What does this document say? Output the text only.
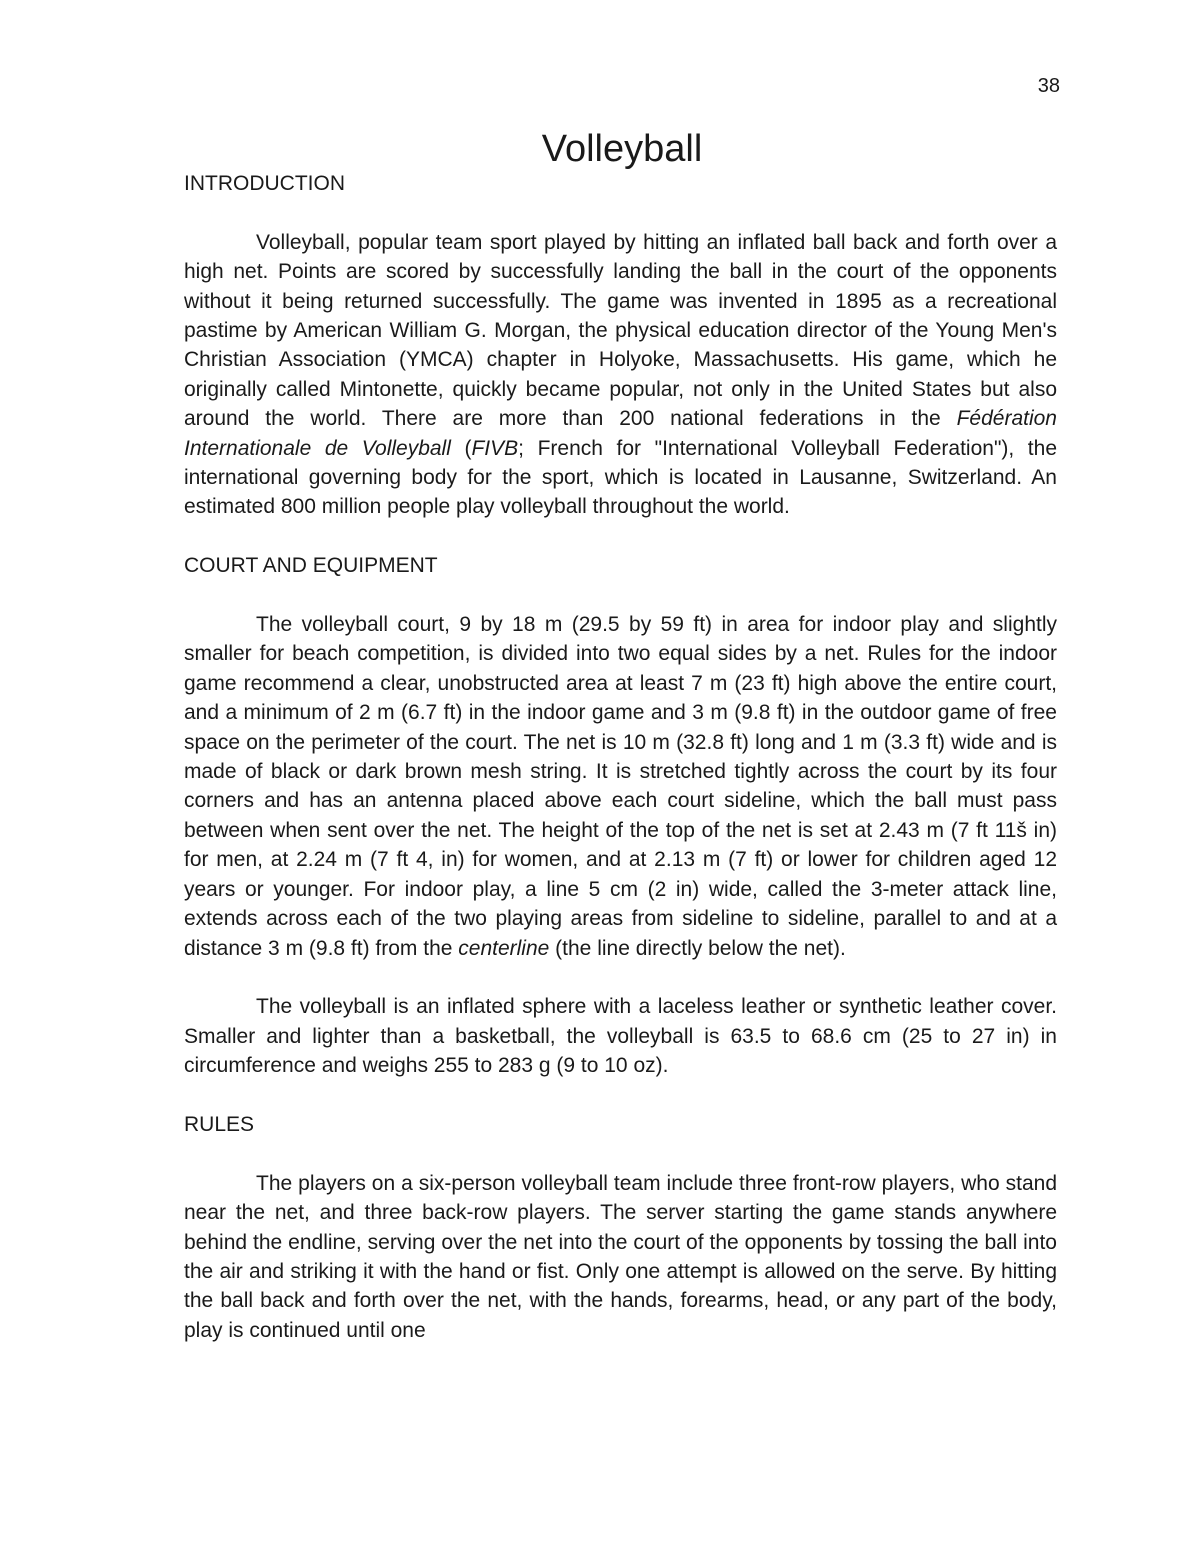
38
Volleyball
INTRODUCTION

Volleyball, popular team sport played by hitting an inflated ball back and forth over a high net. Points are scored by successfully landing the ball in the court of the opponents without it being returned successfully. The game was invented in 1895 as a recreational pastime by American William G. Morgan, the physical education director of the Young Men's Christian Association (YMCA) chapter in Holyoke, Massachusetts. His game, which he originally called Mintonette, quickly became popular, not only in the United States but also around the world. There are more than 200 national federations in the Fédération Internationale de Volleyball (FIVB; French for "International Volleyball Federation"), the international governing body for the sport, which is located in Lausanne, Switzerland. An estimated 800 million people play volleyball throughout the world.

COURT AND EQUIPMENT

The volleyball court, 9 by 18 m (29.5 by 59 ft) in area for indoor play and slightly smaller for beach competition, is divided into two equal sides by a net. Rules for the indoor game recommend a clear, unobstructed area at least 7 m (23 ft) high above the entire court, and a minimum of 2 m (6.7 ft) in the indoor game and 3 m (9.8 ft) in the outdoor game of free space on the perimeter of the court. The net is 10 m (32.8 ft) long and 1 m (3.3 ft) wide and is made of black or dark brown mesh string. It is stretched tightly across the court by its four corners and has an antenna placed above each court sideline, which the ball must pass between when sent over the net. The height of the top of the net is set at 2.43 m (7 ft 11š in) for men, at 2.24 m (7 ft 4, in) for women, and at 2.13 m (7 ft) or lower for children aged 12 years or younger. For indoor play, a line 5 cm (2 in) wide, called the 3-meter attack line, extends across each of the two playing areas from sideline to sideline, parallel to and at a distance 3 m (9.8 ft) from the centerline (the line directly below the net).

The volleyball is an inflated sphere with a laceless leather or synthetic leather cover. Smaller and lighter than a basketball, the volleyball is 63.5 to 68.6 cm (25 to 27 in) in circumference and weighs 255 to 283 g (9 to 10 oz).

RULES

The players on a six-person volleyball team include three front-row players, who stand near the net, and three back-row players. The server starting the game stands anywhere behind the endline, serving over the net into the court of the opponents by tossing the ball into the air and striking it with the hand or fist. Only one attempt is allowed on the serve. By hitting the ball back and forth over the net, with the hands, forearms, head, or any part of the body, play is continued until one
